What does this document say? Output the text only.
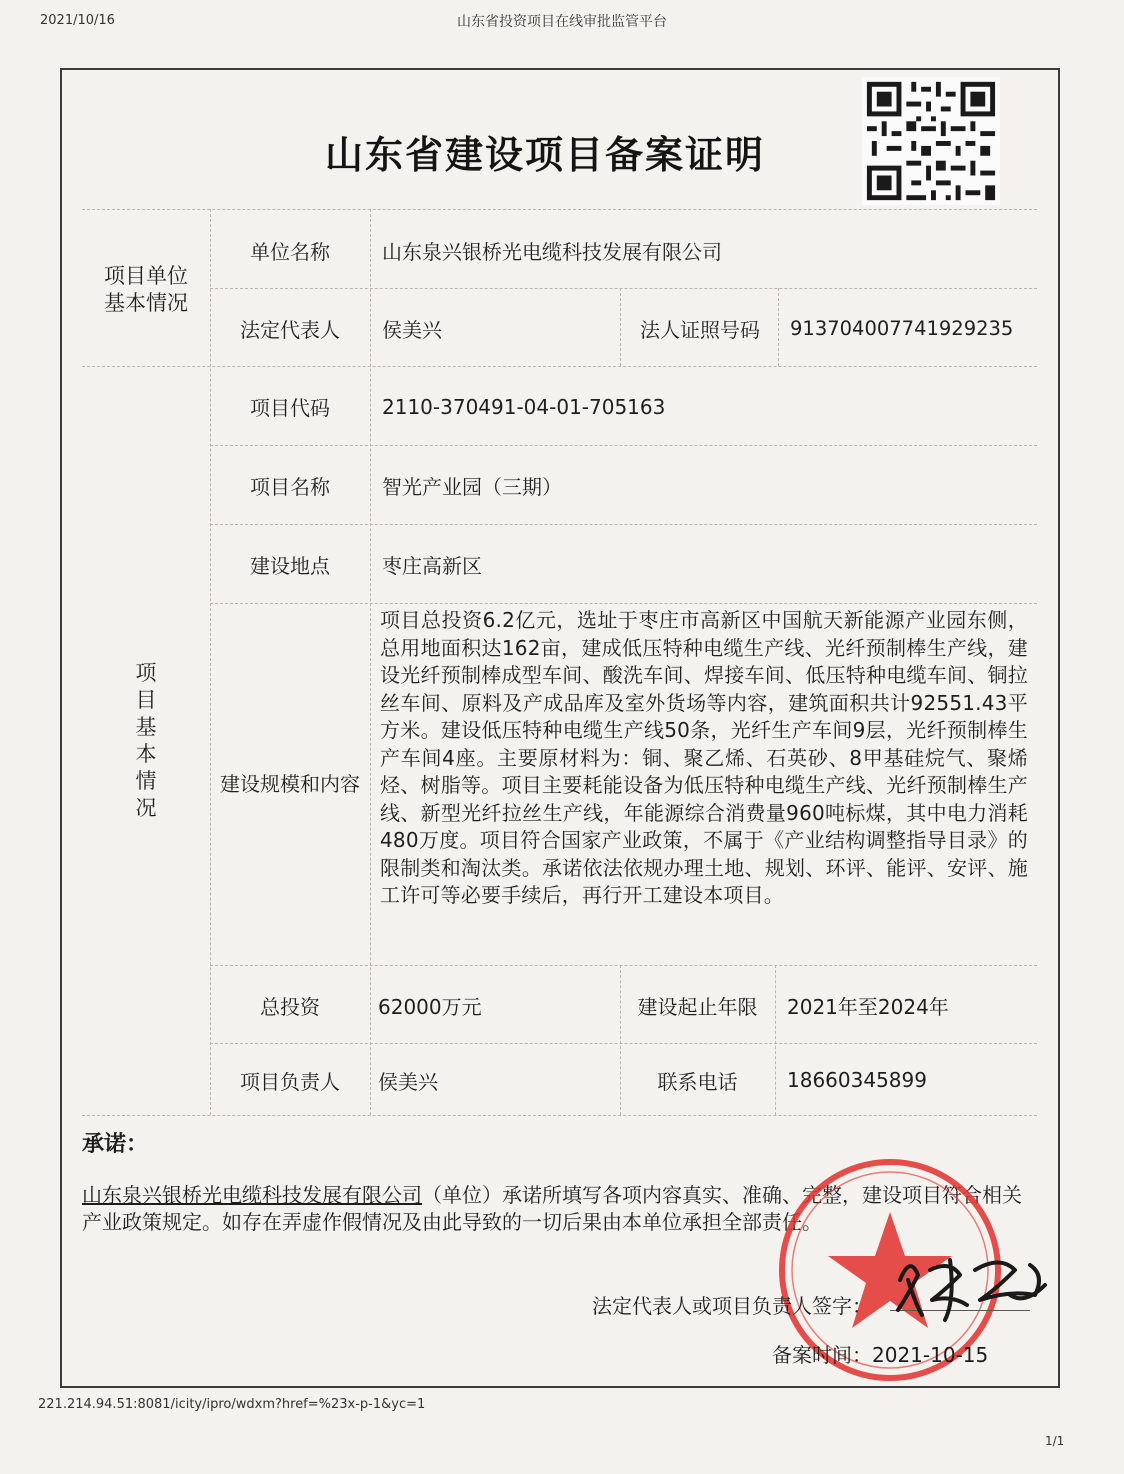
2021/10/16	山东省投资项目在线审批监管平台
山东省建设项目备案证明
项目单位基本情况
单位名称	山东泉兴银桥光电缆科技发展有限公司
法定代表人	侯美兴	法人证照号码	913704007741929235
项目基本情况
项目代码	2110-370491-04-01-705163
项目名称	智光产业园（三期）
建设地点	枣庄高新区
建设规模和内容
项目总投资6.2亿元，选址于枣庄市高新区中国航天新能源产业园东侧，总用地面积达162亩，建成低压特种电缆生产线、光纤预制棒生产线，建设光纤预制棒成型车间、酸洗车间、焊接车间、低压特种电缆车间、铜拉丝车间、原料及产成品库及室外货场等内容，建筑面积共计92551.43平方米。建设低压特种电缆生产线50条，光纤生产车间9层，光纤预制棒生产车间4座。主要原材料为：铜、聚乙烯、石英砂、8甲基硅烷气、聚烯烃、树脂等。项目主要耗能设备为低压特种电缆生产线、光纤预制棒生产线、新型光纤拉丝生产线，年能源综合消费量960吨标煤，其中电力消耗480万度。项目符合国家产业政策，不属于《产业结构调整指导目录》的限制类和淘汰类。承诺依法依规办理土地、规划、环评、能评、安评、施工许可等必要手续后，再行开工建设本项目。
总投资	62000万元	建设起止年限	2021年至2024年
项目负责人	侯美兴	联系电话	18660345899
承诺：
山东泉兴银桥光电缆科技发展有限公司（单位）承诺所填写各项内容真实、准确、完整，建设项目符合相关产业政策规定。如存在弄虚作假情况及由此导致的一切后果由本单位承担全部责任。
法定代表人或项目负责人签字：
备案时间：2021-10-15
221.214.94.51:8081/icity/ipro/wdxm?href=%23x-p-1&yc=1
1/1
